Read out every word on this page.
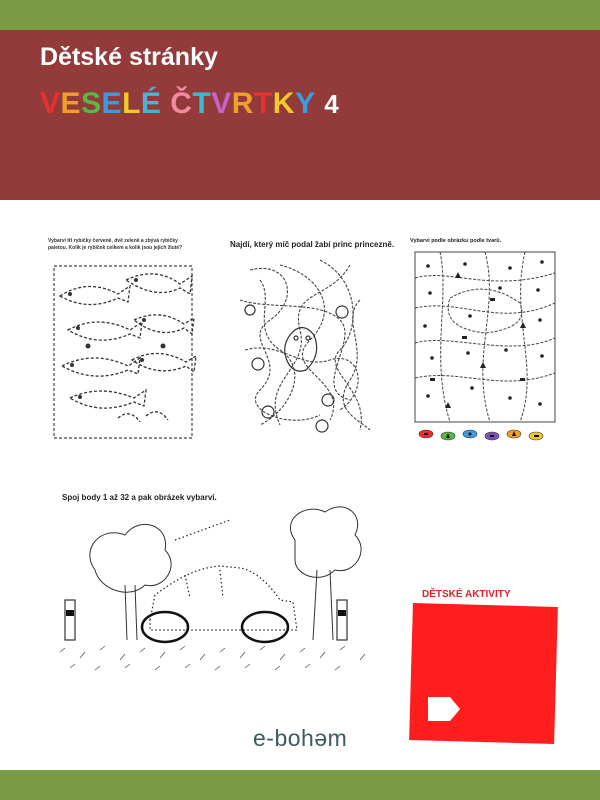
Dětské stránky
VESELÉ ČTVRTKY 4
Vybarvi tři rybičky červeně, dvě zeleně a zbývá rybičky paletou. Kolik je rybiček celkem a kolik jsou jejich žluté?	Najdi, který míč podal žabí princ princezně.	Vybarvi podle obrázku podle tvarů.
Spoj body 1 až 32 a pak obrázek vybarvi.
DĚTSKÉ AKTIVITY
e-bohǝm
